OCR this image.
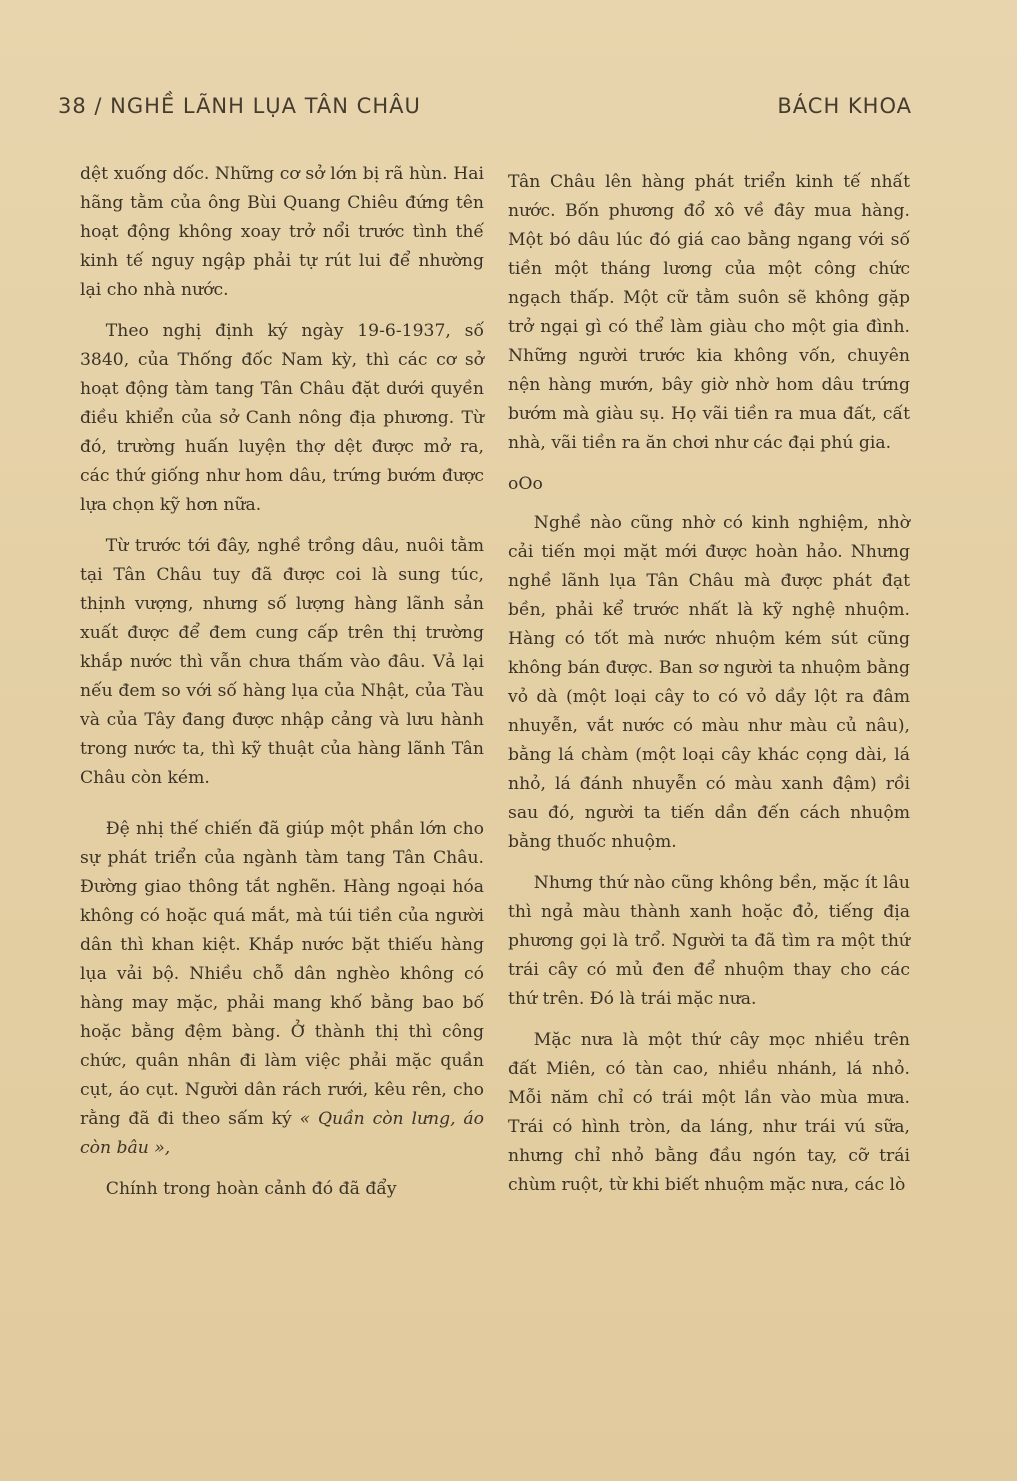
38 / NGHỀ LÃNH LỤA TÂN CHÂU	BÁCH KHOA

dệt xuống dốc. Những cơ sở lớn bị rã hùn. Hai hãng tằm của ông Bùi Quang Chiêu đứng tên hoạt động không xoay trở nổi trước tình thế kinh tế nguy ngập phải tự rút lui để nhường lại cho nhà nước.

Theo nghị định ký ngày 19-6-1937, số 3840, của Thống đốc Nam kỳ, thì các cơ sở hoạt động tàm tang Tân Châu đặt dưới quyền điều khiển của sở Canh nông địa phương. Từ đó, trường huấn luyện thợ dệt được mở ra, các thứ giống như hom dâu, trứng bướm được lựa chọn kỹ hơn nữa.

Từ trước tới đây, nghề trồng dâu, nuôi tằm tại Tân Châu tuy đã được coi là sung túc, thịnh vượng, nhưng số lượng hàng lãnh sản xuất được để đem cung cấp trên thị trường khắp nước thì vẫn chưa thấm vào đâu. Vả lại nếu đem so với số hàng lụa của Nhật, của Tàu và của Tây đang được nhập cảng và lưu hành trong nước ta, thì kỹ thuật của hàng lãnh Tân Châu còn kém.

Đệ nhị thế chiến đã giúp một phần lớn cho sự phát triển của ngành tàm tang Tân Châu. Đường giao thông tắt nghẽn. Hàng ngoại hóa không có hoặc quá mắt, mà túi tiền của người dân thì khan kiệt. Khắp nước bặt thiếu hàng lụa vải bộ. Nhiều chỗ dân nghèo không có hàng may mặc, phải mang khố bằng bao bố hoặc bằng đệm bàng. Ở thành thị thì công chức, quân nhân đi làm việc phải mặc quần cụt, áo cụt. Người dân rách rưới, kêu rên, cho rằng đã đi theo sấm ký « Quần còn lưng, áo còn bâu »,

Chính trong hoàn cảnh đó đã đẩy

Tân Châu lên hàng phát triển kinh tế nhất nước. Bốn phương đổ xô về đây mua hàng. Một bó dâu lúc đó giá cao bằng ngang với số tiền một tháng lương của một công chức ngạch thấp. Một cữ tằm suôn sẽ không gặp trở ngại gì có thể làm giàu cho một gia đình. Những người trước kia không vốn, chuyên nện hàng mướn, bây giờ nhờ hom dâu trứng bướm mà giàu sụ. Họ vãi tiền ra mua đất, cất nhà, vãi tiền ra ăn chơi như các đại phú gia.

oOo

Nghề nào cũng nhờ có kinh nghiệm, nhờ cải tiến mọi mặt mới được hoàn hảo. Nhưng nghề lãnh lụa Tân Châu mà được phát đạt bền, phải kể trước nhất là kỹ nghệ nhuộm. Hàng có tốt mà nước nhuộm kém sút cũng không bán được. Ban sơ người ta nhuộm bằng vỏ dà (một loại cây to có vỏ dầy lột ra đâm nhuyễn, vắt nước có màu như màu củ nâu), bằng lá chàm (một loại cây khác cọng dài, lá nhỏ, lá đánh nhuyễn có màu xanh đậm) rồi sau đó, người ta tiến dần đến cách nhuộm bằng thuốc nhuộm.

Nhưng thứ nào cũng không bền, mặc ít lâu thì ngả màu thành xanh hoặc đỏ, tiếng địa phương gọi là trổ. Người ta đã tìm ra một thứ trái cây có mủ đen để nhuộm thay cho các thứ trên. Đó là trái mặc nưa.

Mặc nưa là một thứ cây mọc nhiều trên đất Miên, có tàn cao, nhiều nhánh, lá nhỏ. Mỗi năm chỉ có trái một lần vào mùa mưa. Trái có hình tròn, da láng, như trái vú sữa, nhưng chỉ nhỏ bằng đầu ngón tay, cỡ trái chùm ruột, từ khi biết nhuộm mặc nưa, các lò
